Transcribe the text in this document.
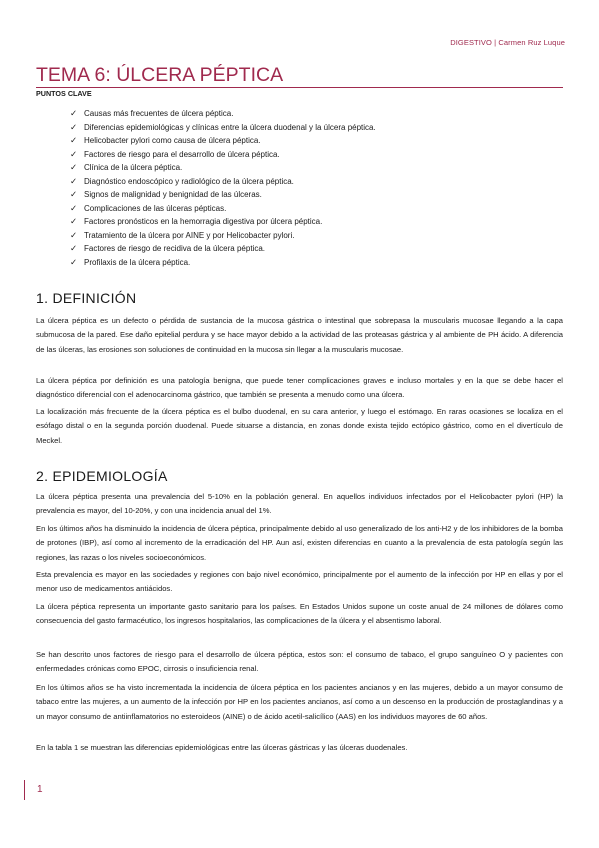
DIGESTIVO | Carmen Ruz Luque
TEMA 6: ÚLCERA PÉPTICA
PUNTOS CLAVE
✓ Causas más frecuentes de úlcera péptica.
✓ Diferencias epidemiológicas y clínicas entre la úlcera duodenal y la úlcera péptica.
✓ Helicobacter pylori como causa de úlcera péptica.
✓ Factores de riesgo para el desarrollo de úlcera péptica.
✓ Clínica de la úlcera péptica.
✓ Diagnóstico endoscópico y radiológico de la úlcera péptica.
✓ Signos de malignidad y benignidad de las úlceras.
✓ Complicaciones de las úlceras pépticas.
✓ Factores pronósticos en la hemorragia digestiva por úlcera péptica.
✓ Tratamiento de la úlcera por AINE y por Helicobacter pylori.
✓ Factores de riesgo de recidiva de la úlcera péptica.
✓ Profilaxis de la úlcera péptica.
1. DEFINICIÓN

La úlcera péptica es un defecto o pérdida de sustancia de la mucosa gástrica o intestinal que sobrepasa la muscularis mucosae llegando a la capa submucosa de la pared. Ese daño epitelial perdura y se hace mayor debido a la actividad de las proteasas gástrica y al ambiente de PH ácido. A diferencia de las úlceras, las erosiones son soluciones de continuidad en la mucosa sin llegar a la muscularis mucosae.

La úlcera péptica por definición es una patología benigna, que puede tener complicaciones graves e incluso mortales y en la que se debe hacer el diagnóstico diferencial con el adenocarcinoma gástrico, que también se presenta a menudo como una úlcera.

La localización más frecuente de la úlcera péptica es el bulbo duodenal, en su cara anterior, y luego el estómago. En raras ocasiones se localiza en el esófago distal o en la segunda porción duodenal. Puede situarse a distancia, en zonas donde exista tejido ectópico gástrico, como en el divertículo de Meckel.

2. EPIDEMIOLOGÍA

La úlcera péptica presenta una prevalencia del 5-10% en la población general. En aquellos individuos infectados por el Helicobacter pylori (HP) la prevalencia es mayor, del 10-20%, y con una incidencia anual del 1%.

En los últimos años ha disminuido la incidencia de úlcera péptica, principalmente debido al uso generalizado de los anti-H2 y de los inhibidores de la bomba de protones (IBP), así como al incremento de la erradicación del HP. Aun así, existen diferencias en cuanto a la prevalencia de esta patología según las regiones, las razas o los niveles socioeconómicos.

Esta prevalencia es mayor en las sociedades y regiones con bajo nivel económico, principalmente por el aumento de la infección por HP en ellas y por el menor uso de medicamentos antiácidos.

La úlcera péptica representa un importante gasto sanitario para los países. En Estados Unidos supone un coste anual de 24 millones de dólares como consecuencia del gasto farmacéutico, los ingresos hospitalarios, las complicaciones de la úlcera y el absentismo laboral.

Se han descrito unos factores de riesgo para el desarrollo de úlcera péptica, estos son: el consumo de tabaco, el grupo sanguíneo O y pacientes con enfermedades crónicas como EPOC, cirrosis o insuficiencia renal.

En los últimos años se ha visto incrementada la incidencia de úlcera péptica en los pacientes ancianos y en las mujeres, debido a un mayor consumo de tabaco entre las mujeres, a un aumento de la infección por HP en los pacientes ancianos, así como a un descenso en la producción de prostaglandinas y a un mayor consumo de antiinflamatorios no esteroideos (AINE) o de ácido acetil-salicílico (AAS) en los individuos mayores de 60 años.

En la tabla 1 se muestran las diferencias epidemiológicas entre las úlceras gástricas y las úlceras duodenales.

1
